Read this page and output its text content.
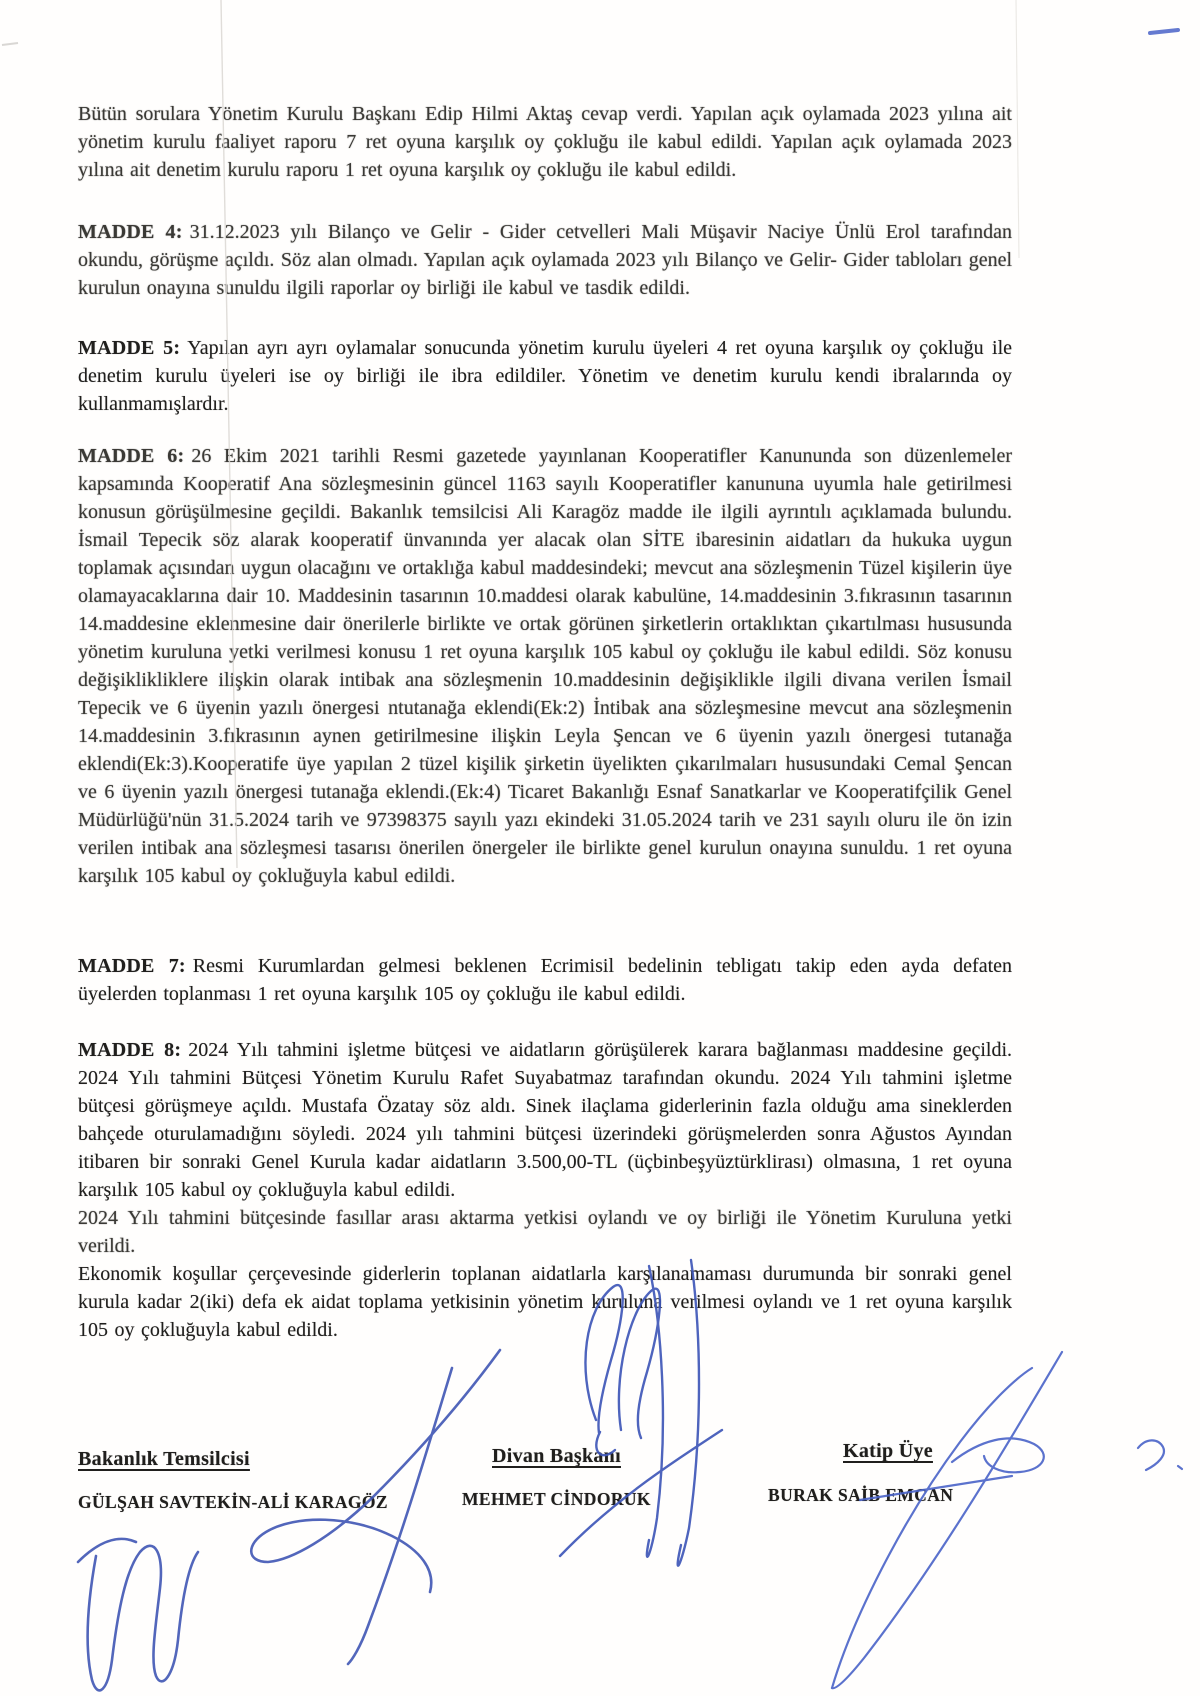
Bütün sorulara Yönetim Kurulu Başkanı Edip Hilmi Aktaş cevap verdi. Yapılan açık oylamada 2023 yılına ait yönetim kurulu faaliyet raporu 7 ret oyuna karşılık oy çokluğu ile kabul edildi. Yapılan açık oylamada 2023 yılına ait denetim kurulu raporu 1 ret oyuna karşılık oy çokluğu ile kabul edildi.

MADDE 4: 31.12.2023 yılı Bilanço ve Gelir - Gider cetvelleri Mali Müşavir Naciye Ünlü Erol tarafından okundu, görüşme açıldı. Söz alan olmadı. Yapılan açık oylamada 2023 yılı Bilanço ve Gelir- Gider tabloları genel kurulun onayına sunuldu ilgili raporlar oy birliği ile kabul ve tasdik edildi.

MADDE 5: Yapılan ayrı ayrı oylamalar sonucunda yönetim kurulu üyeleri 4 ret oyuna karşılık oy çokluğu ile denetim kurulu üyeleri ise oy birliği ile ibra edildiler. Yönetim ve denetim kurulu kendi ibralarında oy kullanmamışlardır.

MADDE 6: 26 Ekim 2021 tarihli Resmi gazetede yayınlanan Kooperatifler Kanununda son düzenlemeler kapsamında Kooperatif Ana sözleşmesinin güncel 1163 sayılı Kooperatifler kanununa uyumla hale getirilmesi konusun görüşülmesine geçildi. Bakanlık temsilcisi Ali Karagöz madde ile ilgili ayrıntılı açıklamada bulundu. İsmail Tepecik söz alarak kooperatif ünvanında yer alacak olan SİTE ibaresinin aidatları da hukuka uygun toplamak açısından uygun olacağını ve ortaklığa kabul maddesindeki; mevcut ana sözleşmenin Tüzel kişilerin üye olamayacaklarına dair 10. Maddesinin tasarının 10.maddesi olarak kabulüne, 14.maddesinin 3.fıkrasının tasarının 14.maddesine eklenmesine dair önerilerle birlikte ve ortak görünen şirketlerin ortaklıktan çıkartılması hususunda yönetim kuruluna yetki verilmesi konusu 1 ret oyuna karşılık 105 kabul oy çokluğu ile kabul edildi. Söz konusu değişiklikliklere ilişkin olarak intibak ana sözleşmenin 10.maddesinin değişiklikle ilgili divana verilen İsmail Tepecik ve 6 üyenin yazılı önergesi ntutanağa eklendi(Ek:2) İntibak ana sözleşmesine mevcut ana sözleşmenin 14.maddesinin 3.fıkrasının aynen getirilmesine ilişkin Leyla Şencan ve 6 üyenin yazılı önergesi tutanağa eklendi(Ek:3).Kooperatife üye yapılan 2 tüzel kişilik şirketin üyelikten çıkarılmaları hususundaki Cemal Şencan ve 6 üyenin yazılı önergesi tutanağa eklendi.(Ek:4) Ticaret Bakanlığı Esnaf Sanatkarlar ve Kooperatifçilik Genel Müdürlüğü'nün 31.5.2024 tarih ve 97398375 sayılı yazı ekindeki 31.05.2024 tarih ve 231 sayılı oluru ile ön izin verilen intibak ana sözleşmesi tasarısı önerilen önergeler ile birlikte genel kurulun onayına sunuldu. 1 ret oyuna karşılık 105 kabul oy çokluğuyla kabul edildi.

MADDE 7: Resmi Kurumlardan gelmesi beklenen Ecrimisil bedelinin tebligatı takip eden ayda defaten üyelerden toplanması 1 ret oyuna karşılık 105 oy çokluğu ile kabul edildi.

MADDE 8: 2024 Yılı tahmini işletme bütçesi ve aidatların görüşülerek karara bağlanması maddesine geçildi. 2024 Yılı tahmini Bütçesi Yönetim Kurulu Rafet Suyabatmaz tarafından okundu. 2024 Yılı tahmini işletme bütçesi görüşmeye açıldı. Mustafa Özatay söz aldı. Sinek ilaçlama giderlerinin fazla olduğu ama sineklerden bahçede oturulamadığını söyledi. 2024 yılı tahmini bütçesi üzerindeki görüşmelerden sonra Ağustos Ayından itibaren bir sonraki Genel Kurula kadar aidatların 3.500,00-TL (üçbinbeşyüztürklirası) olmasına, 1 ret oyuna karşılık 105 kabul oy çokluğuyla kabul edildi.

2024 Yılı tahmini bütçesinde fasıllar arası aktarma yetkisi oylandı ve oy birliği ile Yönetim Kuruluna yetki verildi.

Ekonomik koşullar çerçevesinde giderlerin toplanan aidatlarla karşılanamaması durumunda bir sonraki genel kurula kadar 2(iki) defa ek aidat toplama yetkisinin yönetim kuruluna verilmesi oylandı ve 1 ret oyuna karşılık 105 oy çokluğuyla kabul edildi.

Bakanlık Temsilcisi	Divan Başkanı	Katip Üye
GÜLŞAH SAVTEKİN-ALİ KARAGÖZ	MEHMET CİNDORUK	BURAK SAİB EMCAN
